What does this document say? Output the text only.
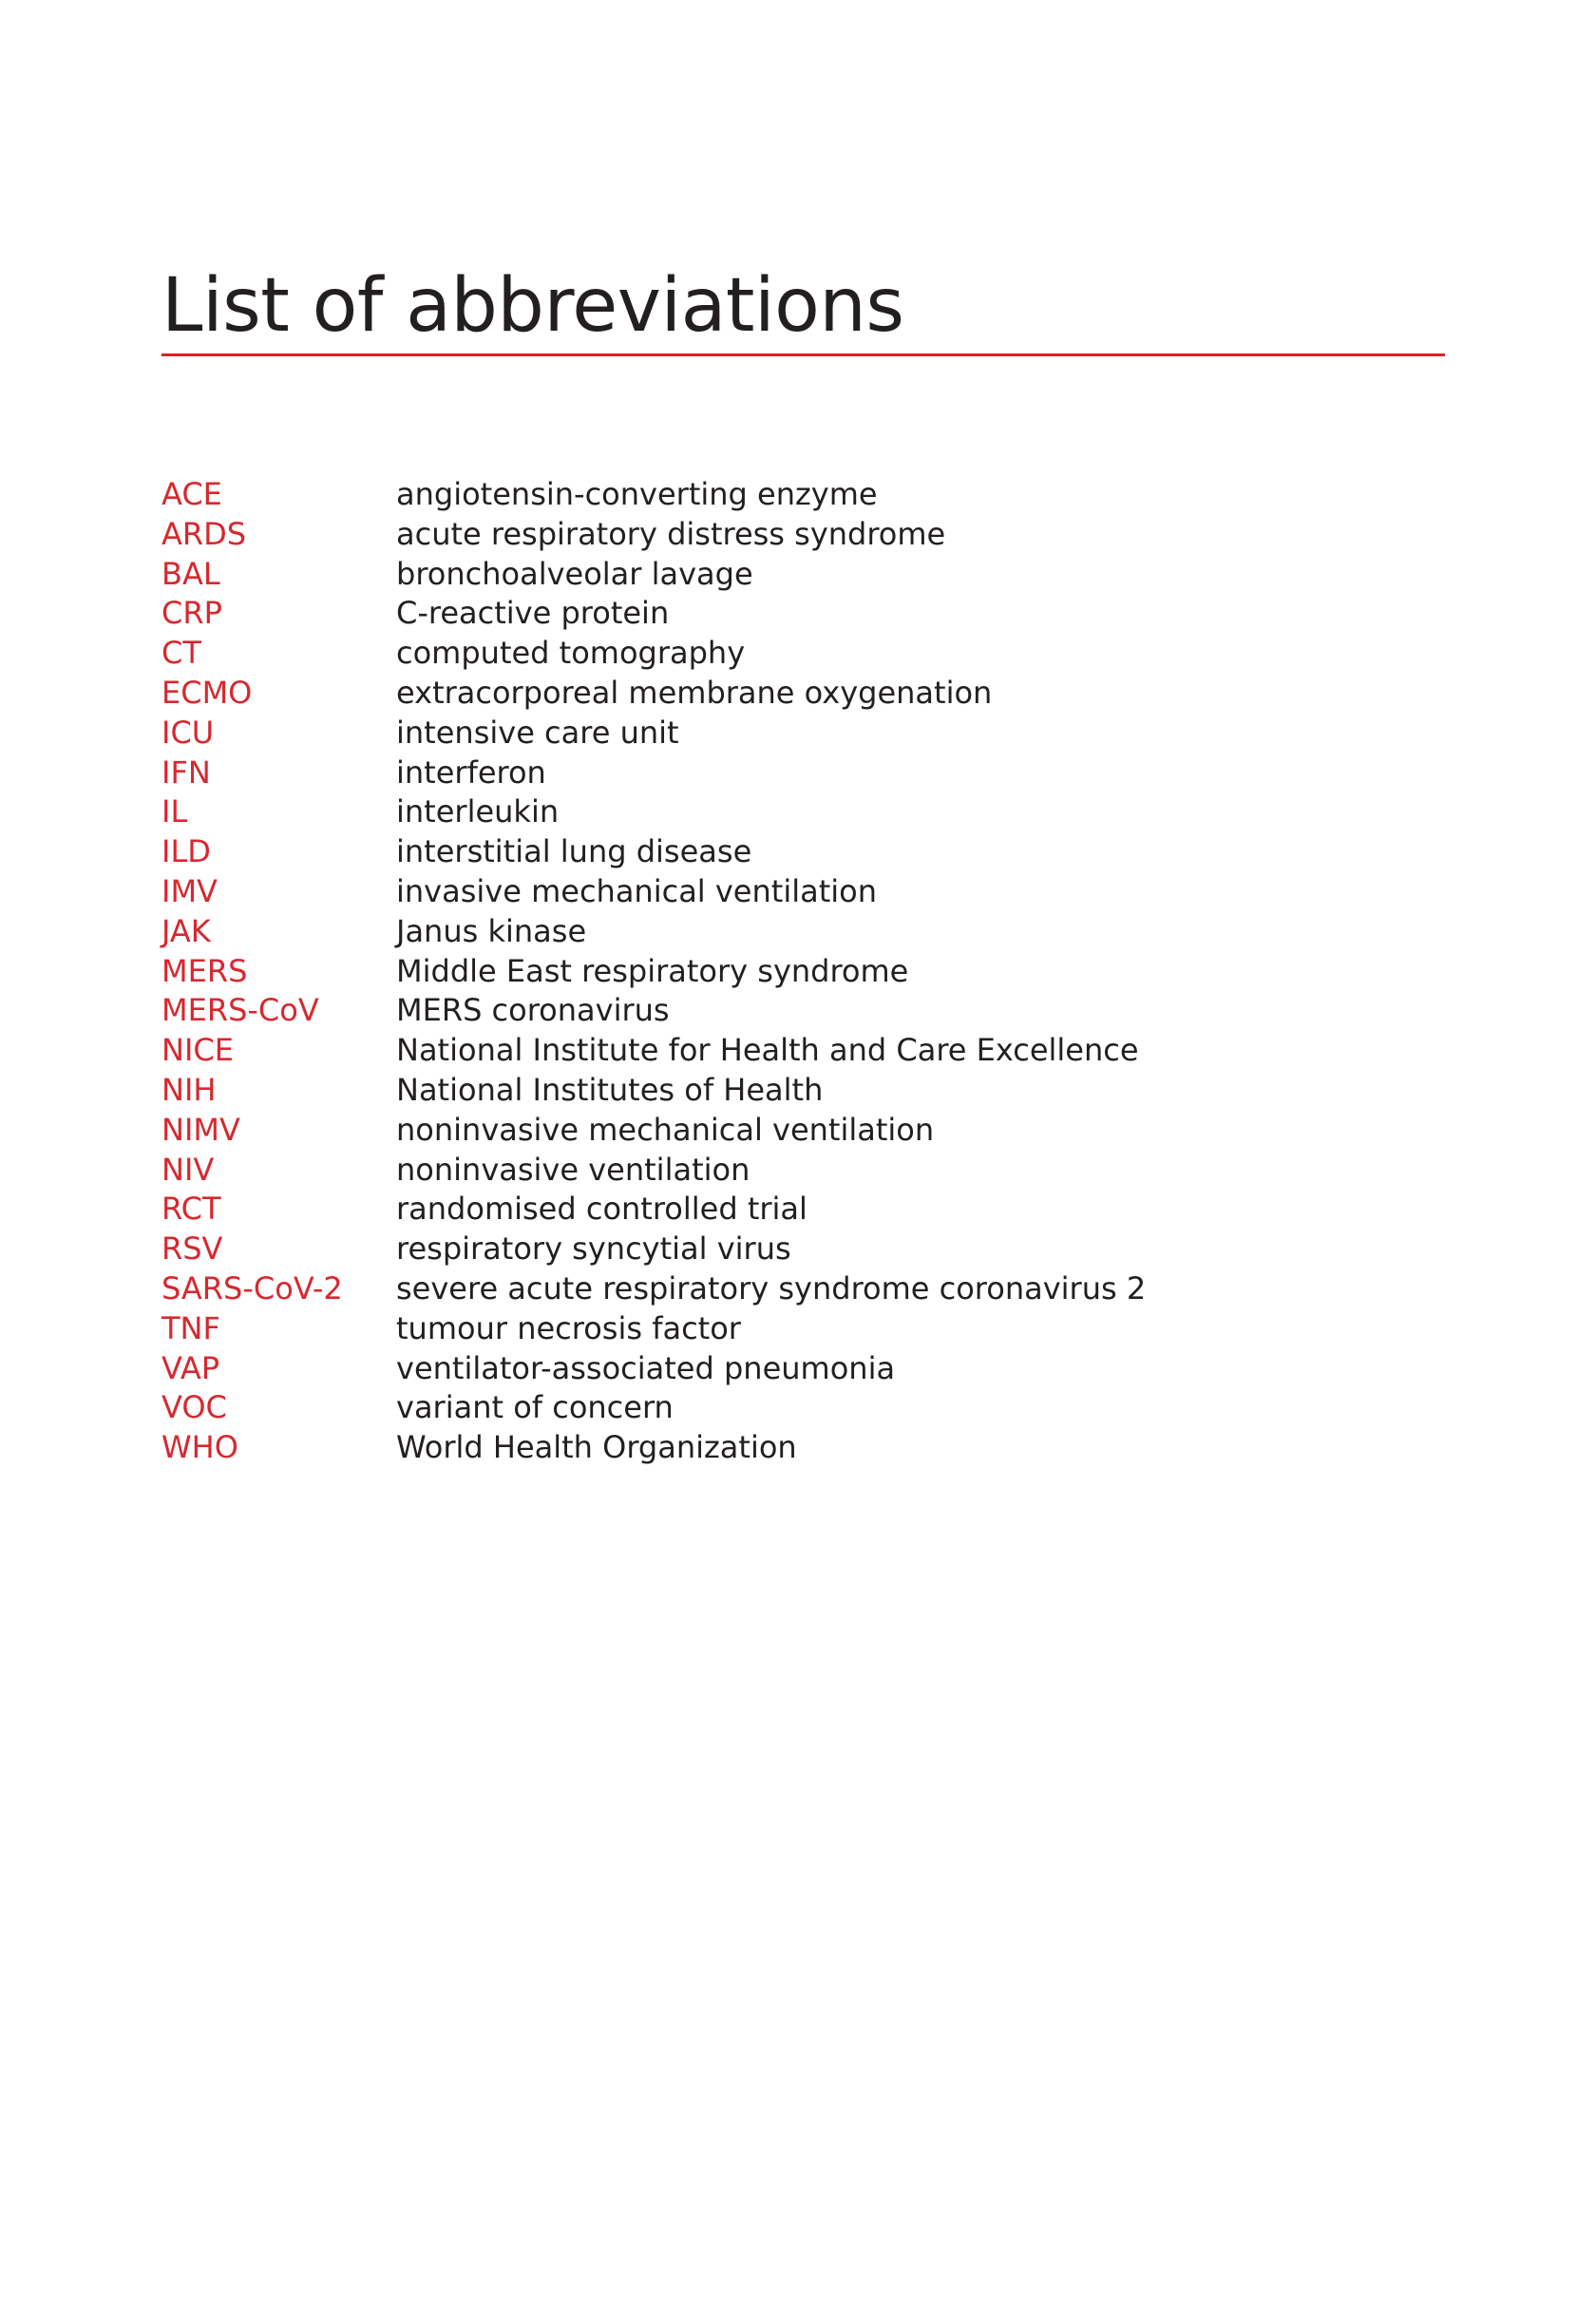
List of abbreviations
ACE	angiotensin-converting enzyme
ARDS	acute respiratory distress syndrome
BAL	bronchoalveolar lavage
CRP	C-reactive protein
CT	computed tomography
ECMO	extracorporeal membrane oxygenation
ICU	intensive care unit
IFN	interferon
IL	interleukin
ILD	interstitial lung disease
IMV	invasive mechanical ventilation
JAK	Janus kinase
MERS	Middle East respiratory syndrome
MERS-CoV	MERS coronavirus
NICE	National Institute for Health and Care Excellence
NIH	National Institutes of Health
NIMV	noninvasive mechanical ventilation
NIV	noninvasive ventilation
RCT	randomised controlled trial
RSV	respiratory syncytial virus
SARS-CoV-2	severe acute respiratory syndrome coronavirus 2
TNF	tumour necrosis factor
VAP	ventilator-associated pneumonia
VOC	variant of concern
WHO	World Health Organization
